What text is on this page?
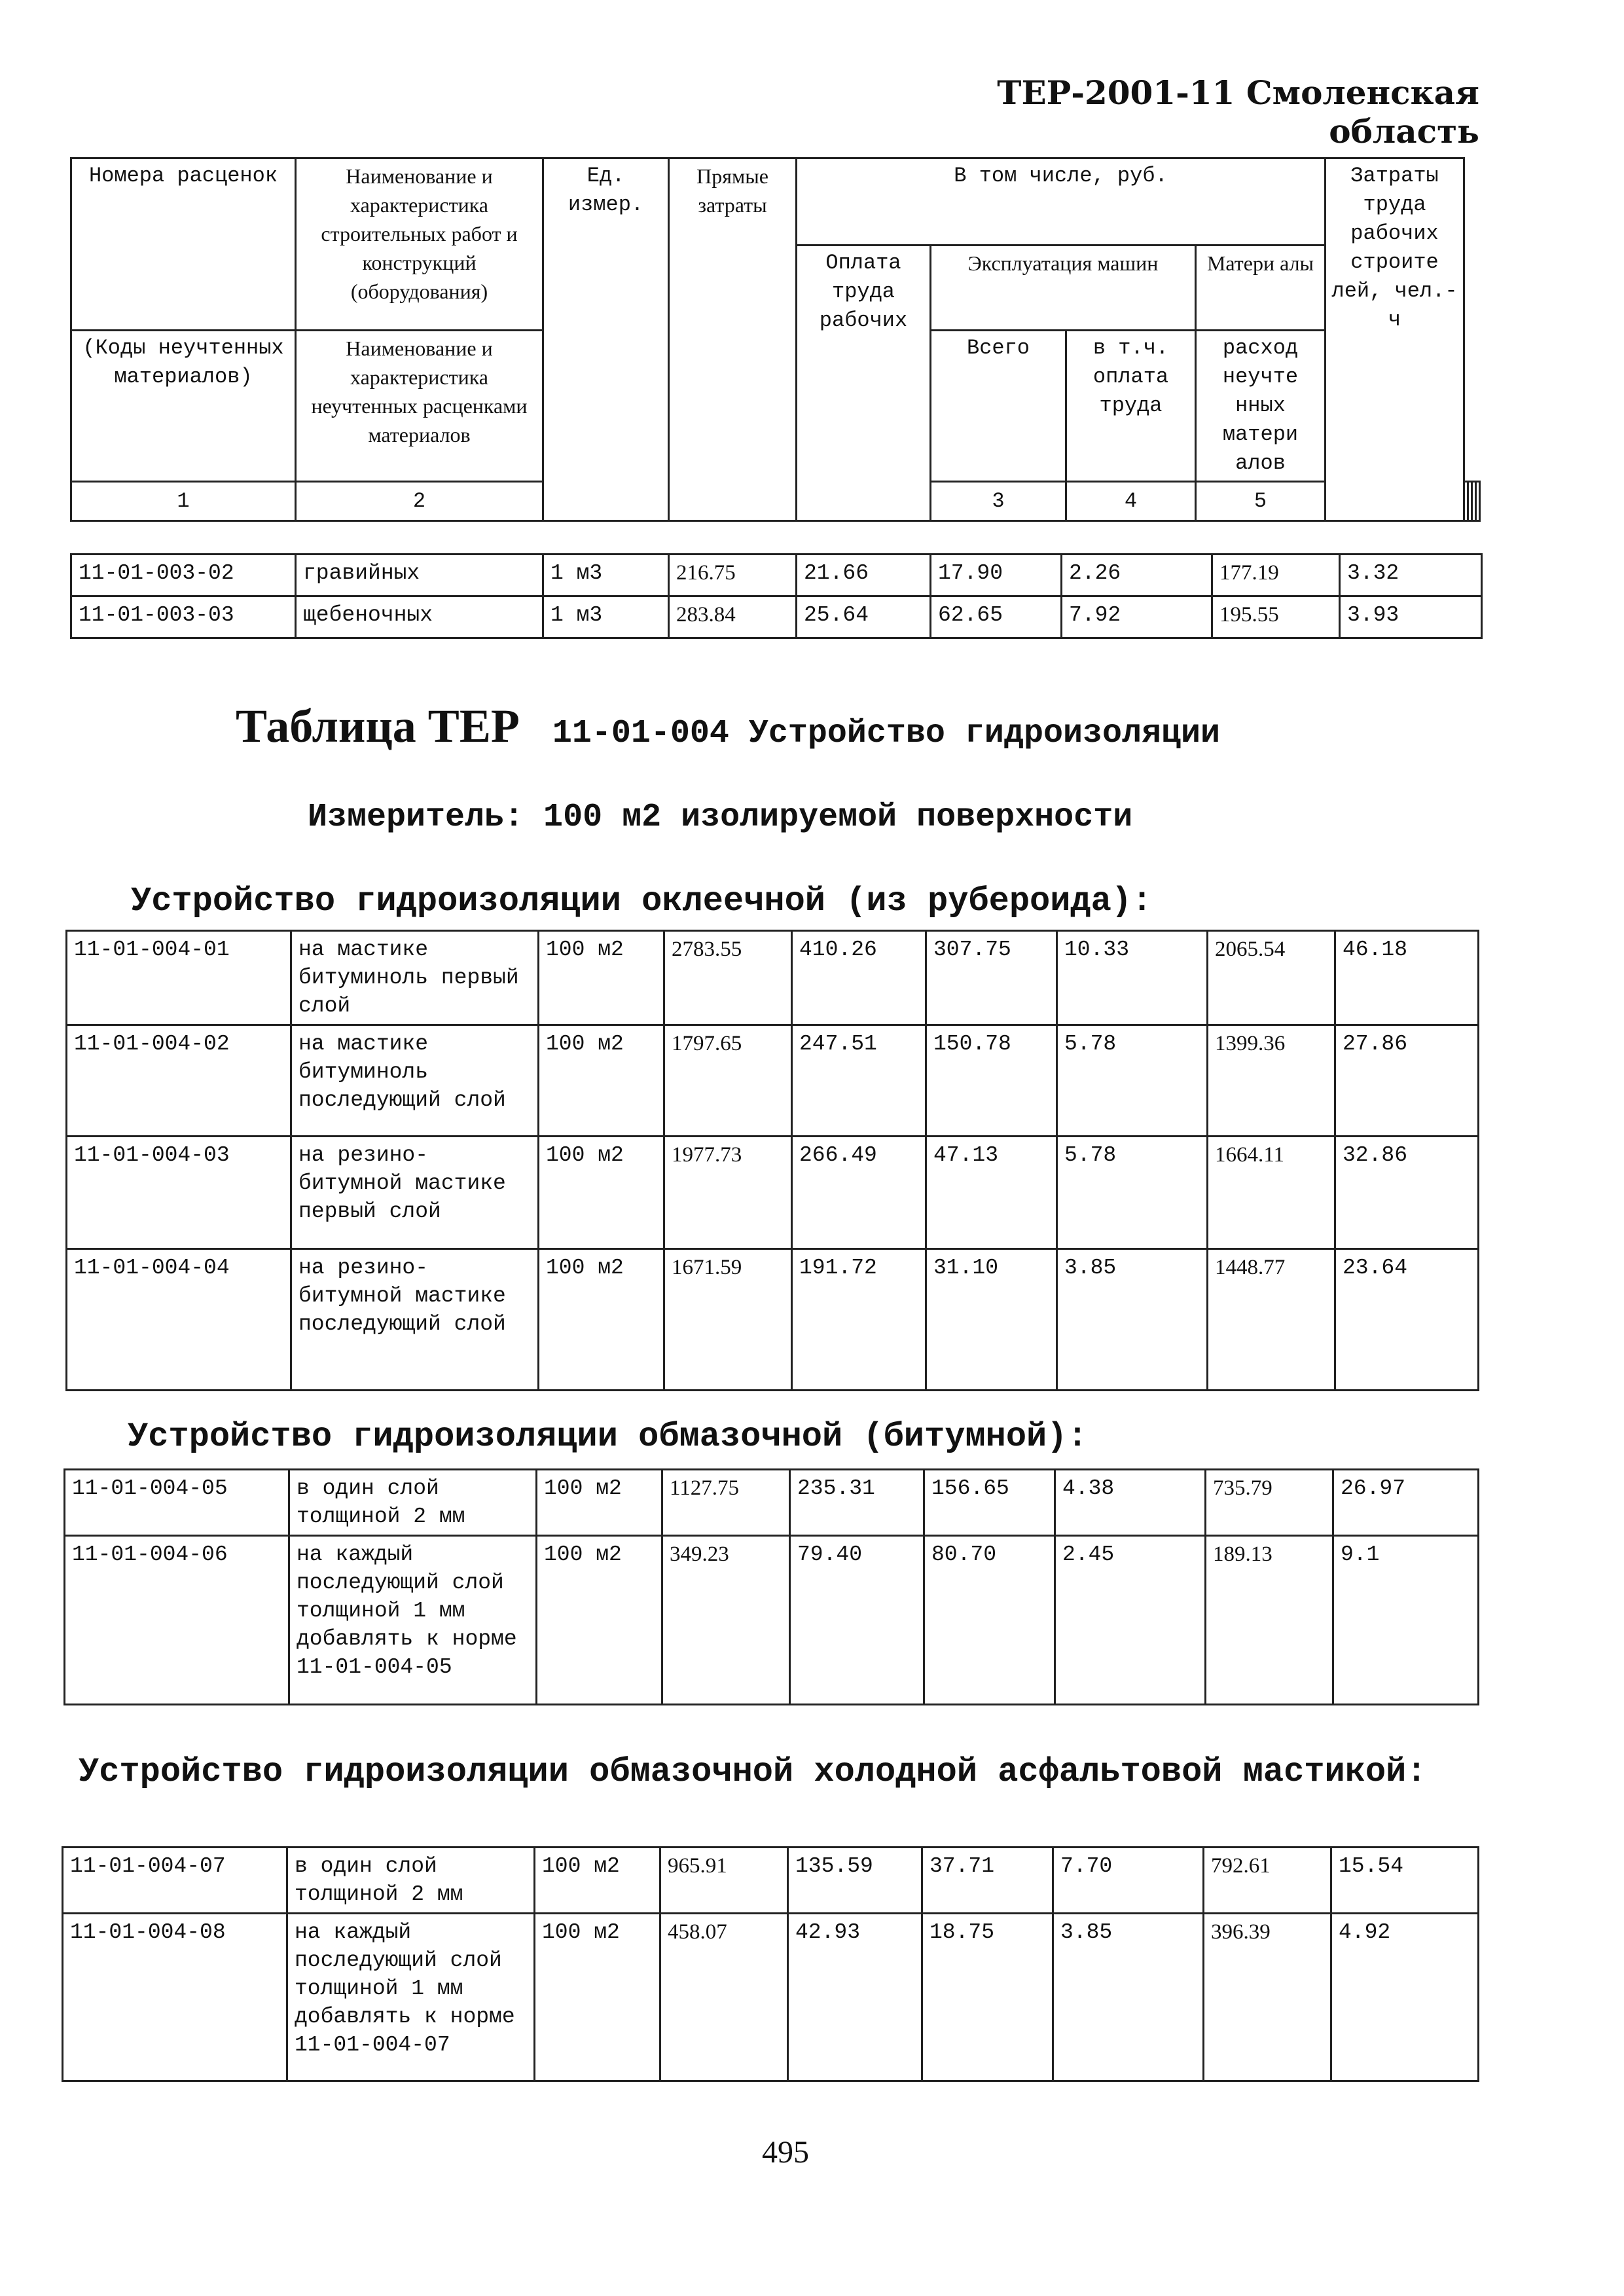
ТЕР-2001-11 Смоленская область
Номера расценок	Наименование и характеристика строительных работ и конструкций (оборудования)	Ед. измер.	Прямые затраты	В том числе, руб.				Затраты труда рабочих строите лей, чел.-ч				
				Оплата труда рабочих	Эксплуатация машин		Матери алы					
(Коды неучтенных материалов)	Наименование и характеристика неучтенных расценками материалов				Всего	в т.ч. оплата труда	расход неучте нных матери алов					
1	2				3	4	5				
11-01-003-02	гравийных	1 м3	216.75	21.66	17.90	2.26	177.19	3.32
11-01-003-03	щебеночных	1 м3	283.84	25.64	62.65	7.92	195.55	3.93
Таблица ТЕР 11-01-004 Устройство гидроизоляции
Измеритель: 100 м2 изолируемой поверхности
Устройство гидроизоляции оклеечной (из рубероида):
11-01-004-01	на мастике битуминоль первый слой	100 м2	2783.55	410.26	307.75	10.33	2065.54	46.18
11-01-004-02	на мастике битуминоль последующий слой	100 м2	1797.65	247.51	150.78	5.78	1399.36	27.86
11-01-004-03	на резино-битумной мастике первый слой	100 м2	1977.73	266.49	47.13	5.78	1664.11	32.86
11-01-004-04	на резино-битумной мастике последующий слой	100 м2	1671.59	191.72	31.10	3.85	1448.77	23.64
Устройство гидроизоляции обмазочной (битумной):
11-01-004-05	в один слой толщиной 2 мм	100 м2	1127.75	235.31	156.65	4.38	735.79	26.97
11-01-004-06	на каждый последующий слой толщиной 1 мм добавлять к норме 11-01-004-05	100 м2	349.23	79.40	80.70	2.45	189.13	9.1
Устройство гидроизоляции обмазочной холодной асфальтовой мастикой:
11-01-004-07	в один слой толщиной 2 мм	100 м2	965.91	135.59	37.71	7.70	792.61	15.54
11-01-004-08	на каждый последующий слой толщиной 1 мм добавлять к норме 11-01-004-07	100 м2	458.07	42.93	18.75	3.85	396.39	4.92
495
